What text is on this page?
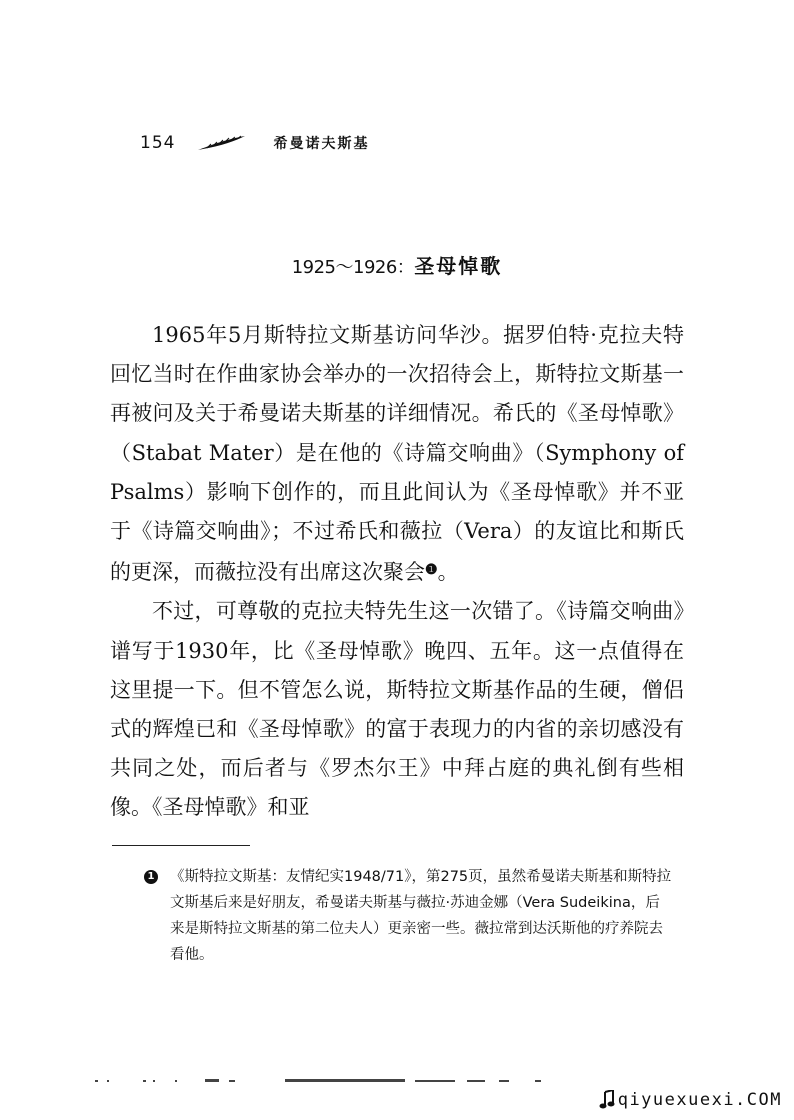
154	希曼诺夫斯基
1925～1926：圣母悼歌

1965年5月斯特拉文斯基访问华沙。据罗伯特·克拉夫特回忆当时在作曲家协会举办的一次招待会上，斯特拉文斯基一再被问及关于希曼诺夫斯基的详细情况。希氏的《圣母悼歌》（Stabat Mater）是在他的《诗篇交响曲》（Symphony of Psalms）影响下创作的，而且此间认为《圣母悼歌》并不亚于《诗篇交响曲》；不过希氏和薇拉（Vera）的友谊比和斯氏的更深，而薇拉没有出席这次聚会$^❶$。

不过，可尊敬的克拉夫特先生这一次错了。《诗篇交响曲》谱写于1930年，比《圣母悼歌》晚四、五年。这一点值得在这里提一下。但不管怎么说，斯特拉文斯基作品的生硬，僧侣式的辉煌已和《圣母悼歌》的富于表现力的内省的亲切感没有共同之处，而后者与《罗杰尔王》中拜占庭的典礼倒有些相像。《圣母悼歌》和亚

1 《斯特拉文斯基：友情纪实1948/71》，第275页，虽然希曼诺夫斯基和斯特拉文斯基后来是好朋友，希曼诺夫斯基与薇拉·苏迪金娜（Vera Sudeikina，后来是斯特拉文斯基的第二位夫人）更亲密一些。薇拉常到达沃斯他的疗养院去看他。
qiyuexuexi.COM
